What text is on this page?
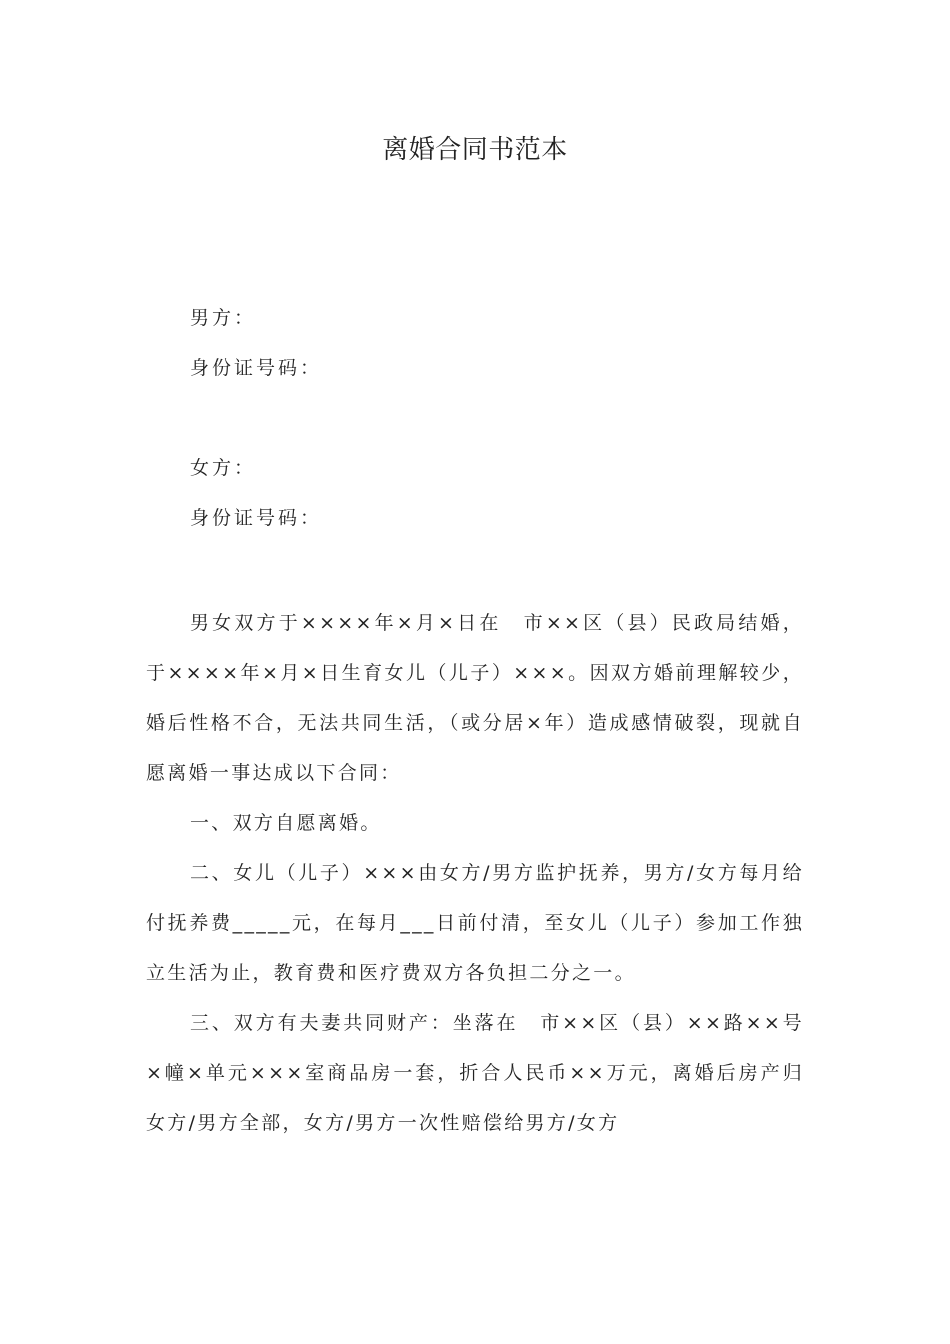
离婚合同书范本
男方：
身份证号码：
女方：
身份证号码：

男女双方于××××年×月×日在　市××区（县）民政局结婚，于××××年×月×日生育女儿（儿子）×××。因双方婚前理解较少，婚后性格不合，无法共同生活，（或分居×年）造成感情破裂，现就自愿离婚一事达成以下合同：

一、双方自愿离婚。

二、女儿（儿子）×××由女方/男方监护抚养，男方/女方每月给付抚养费_____元，在每月___日前付清，至女儿（儿子）参加工作独立生活为止，教育费和医疗费双方各负担二分之一。

三、双方有夫妻共同财产：坐落在　市××区（县）××路××号×幢×单元×××室商品房一套，折合人民币××万元，离婚后房产归女方/男方全部，女方/男方一次性赔偿给男方/女方
